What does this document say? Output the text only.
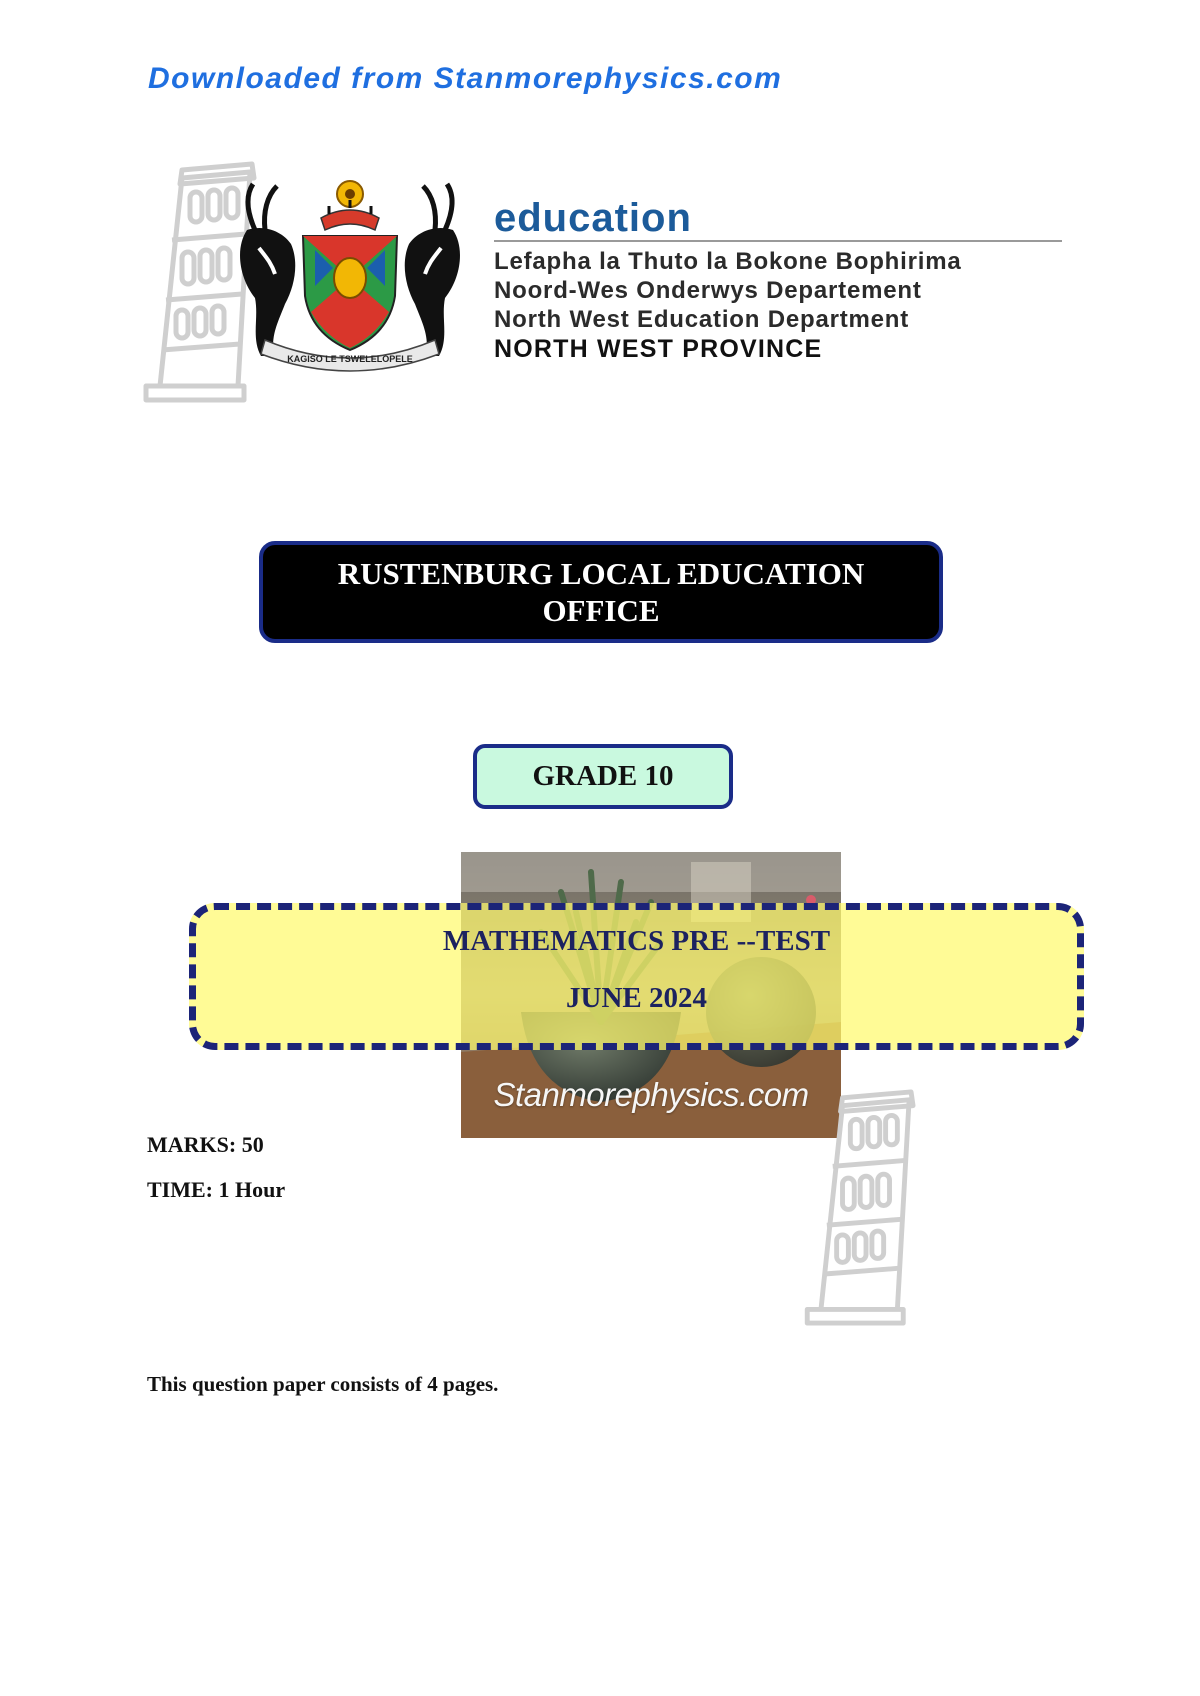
Downloaded from Stanmorephysics.com
KAGISO LE TSWELELOPELE
education
Lefapha la Thuto la Bokone Bophirima
Noord-Wes Onderwys Departement
North West Education Department
NORTH WEST PROVINCE
RUSTENBURG LOCAL EDUCATION
OFFICE
GRADE 10
Stanmorephysics.com
MATHEMATICS PRE --TEST
JUNE 2024
MARKS: 50
TIME: 1 Hour
This question paper consists of 4 pages.
